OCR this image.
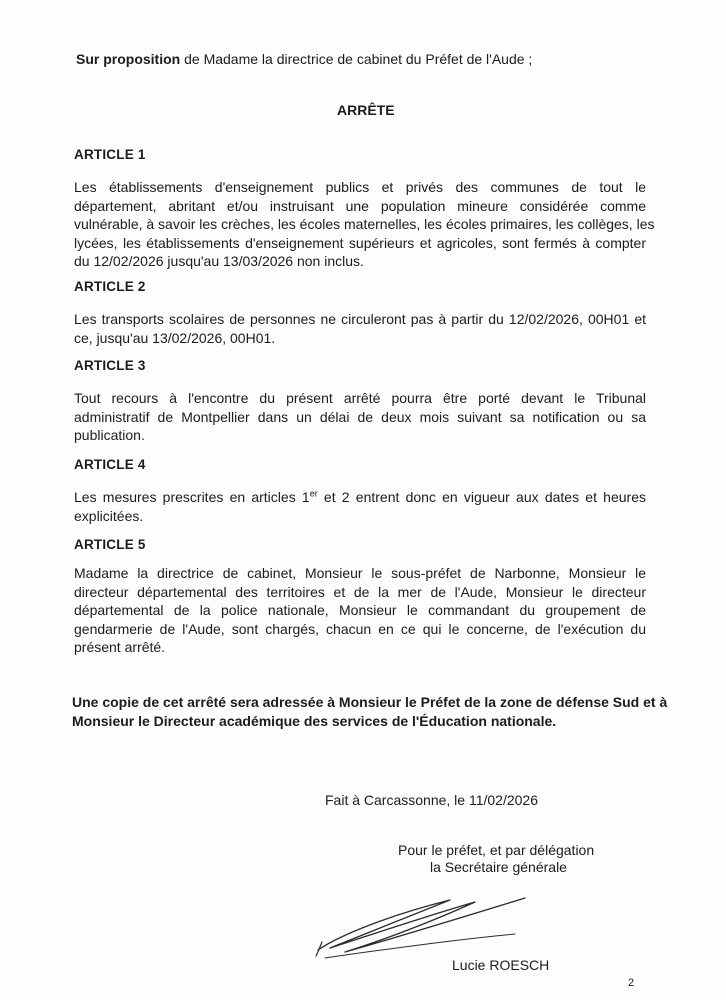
Sur proposition de Madame la directrice de cabinet du Préfet de l'Aude ;
ARRÊTE
ARTICLE 1
Les établissements d'enseignement publics et privés des communes de tout le
département, abritant et/ou instruisant une population mineure considérée comme
vulnérable, à savoir les crèches, les écoles maternelles, les écoles primaires, les collèges, les
lycées, les établissements d'enseignement supérieurs et agricoles, sont fermés à compter
du 12/02/2026 jusqu'au 13/03/2026 non inclus.
ARTICLE 2
Les transports scolaires de personnes ne circuleront pas à partir du 12/02/2026, 00H01 et
ce, jusqu'au 13/02/2026, 00H01.
ARTICLE 3
Tout recours à l'encontre du présent arrêté pourra être porté devant le Tribunal
administratif de Montpellier dans un délai de deux mois suivant sa notification ou sa
publication.
ARTICLE 4
Les mesures prescrites en articles 1er et 2 entrent donc en vigueur aux dates et heures
explicitées.
ARTICLE 5
Madame la directrice de cabinet, Monsieur le sous-préfet de Narbonne, Monsieur le
directeur départemental des territoires et de la mer de l'Aude, Monsieur le directeur
départemental de la police nationale, Monsieur le commandant du groupement de
gendarmerie de l'Aude, sont chargés, chacun en ce qui le concerne, de l'exécution du
présent arrêté.
Une copie de cet arrêté sera adressée à Monsieur le Préfet de la zone de défense Sud et à
Monsieur le Directeur académique des services de l'Éducation nationale.
Fait à Carcassonne, le 11/02/2026
Pour le préfet, et par délégation
la Secrétaire générale
Lucie ROESCH
2
